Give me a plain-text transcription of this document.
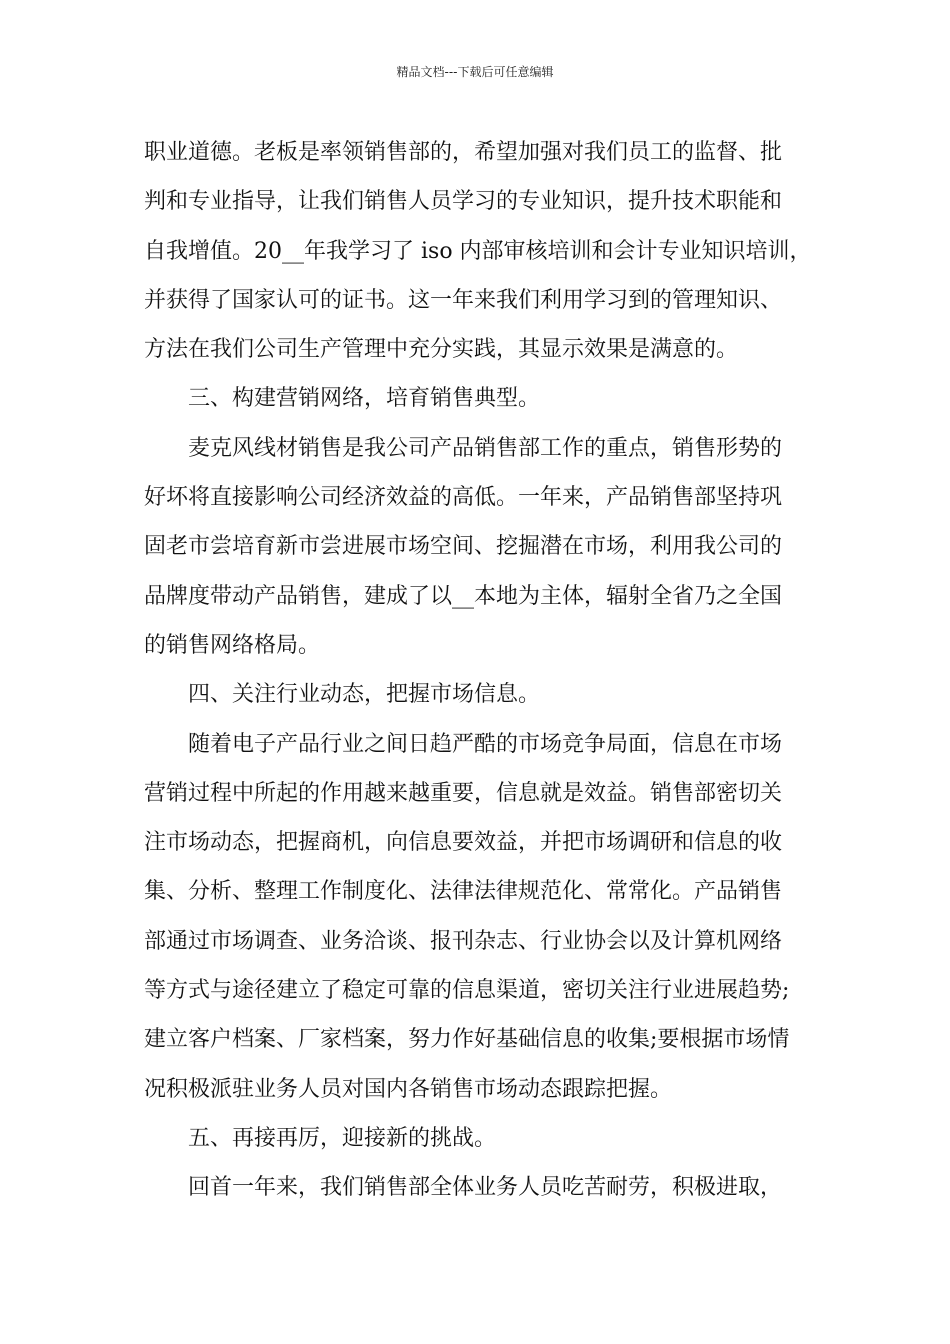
精品文档---下载后可任意编辑
职业道德。老板是率领销售部的，希望加强对我们员工的监督、批
判和专业指导，让我们销售人员学习的专业知识，提升技术职能和
自我增值。20__年我学习了 iso 内部审核培训和会计专业知识培训，
并获得了国家认可的证书。这一年来我们利用学习到的管理知识、
方法在我们公司生产管理中充分实践，其显示效果是满意的。
三、构建营销网络，培育销售典型。
麦克风线材销售是我公司产品销售部工作的重点，销售形势的
好坏将直接影响公司经济效益的高低。一年来，产品销售部坚持巩
固老市尝培育新市尝进展市场空间、挖掘潜在市场，利用我公司的
品牌度带动产品销售，建成了以__本地为主体，辐射全省乃之全国
的销售网络格局。
四、关注行业动态，把握市场信息。
随着电子产品行业之间日趋严酷的市场竞争局面，信息在市场
营销过程中所起的作用越来越重要，信息就是效益。销售部密切关
注市场动态，把握商机，向信息要效益，并把市场调研和信息的收
集、分析、整理工作制度化、法律法律规范化、常常化。产品销售
部通过市场调查、业务洽谈、报刊杂志、行业协会以及计算机网络
等方式与途径建立了稳定可靠的信息渠道，密切关注行业进展趋势;
建立客户档案、厂家档案，努力作好基础信息的收集;要根据市场情
况积极派驻业务人员对国内各销售市场动态跟踪把握。
五、再接再厉，迎接新的挑战。
回首一年来，我们销售部全体业务人员吃苦耐劳，积极进取，
